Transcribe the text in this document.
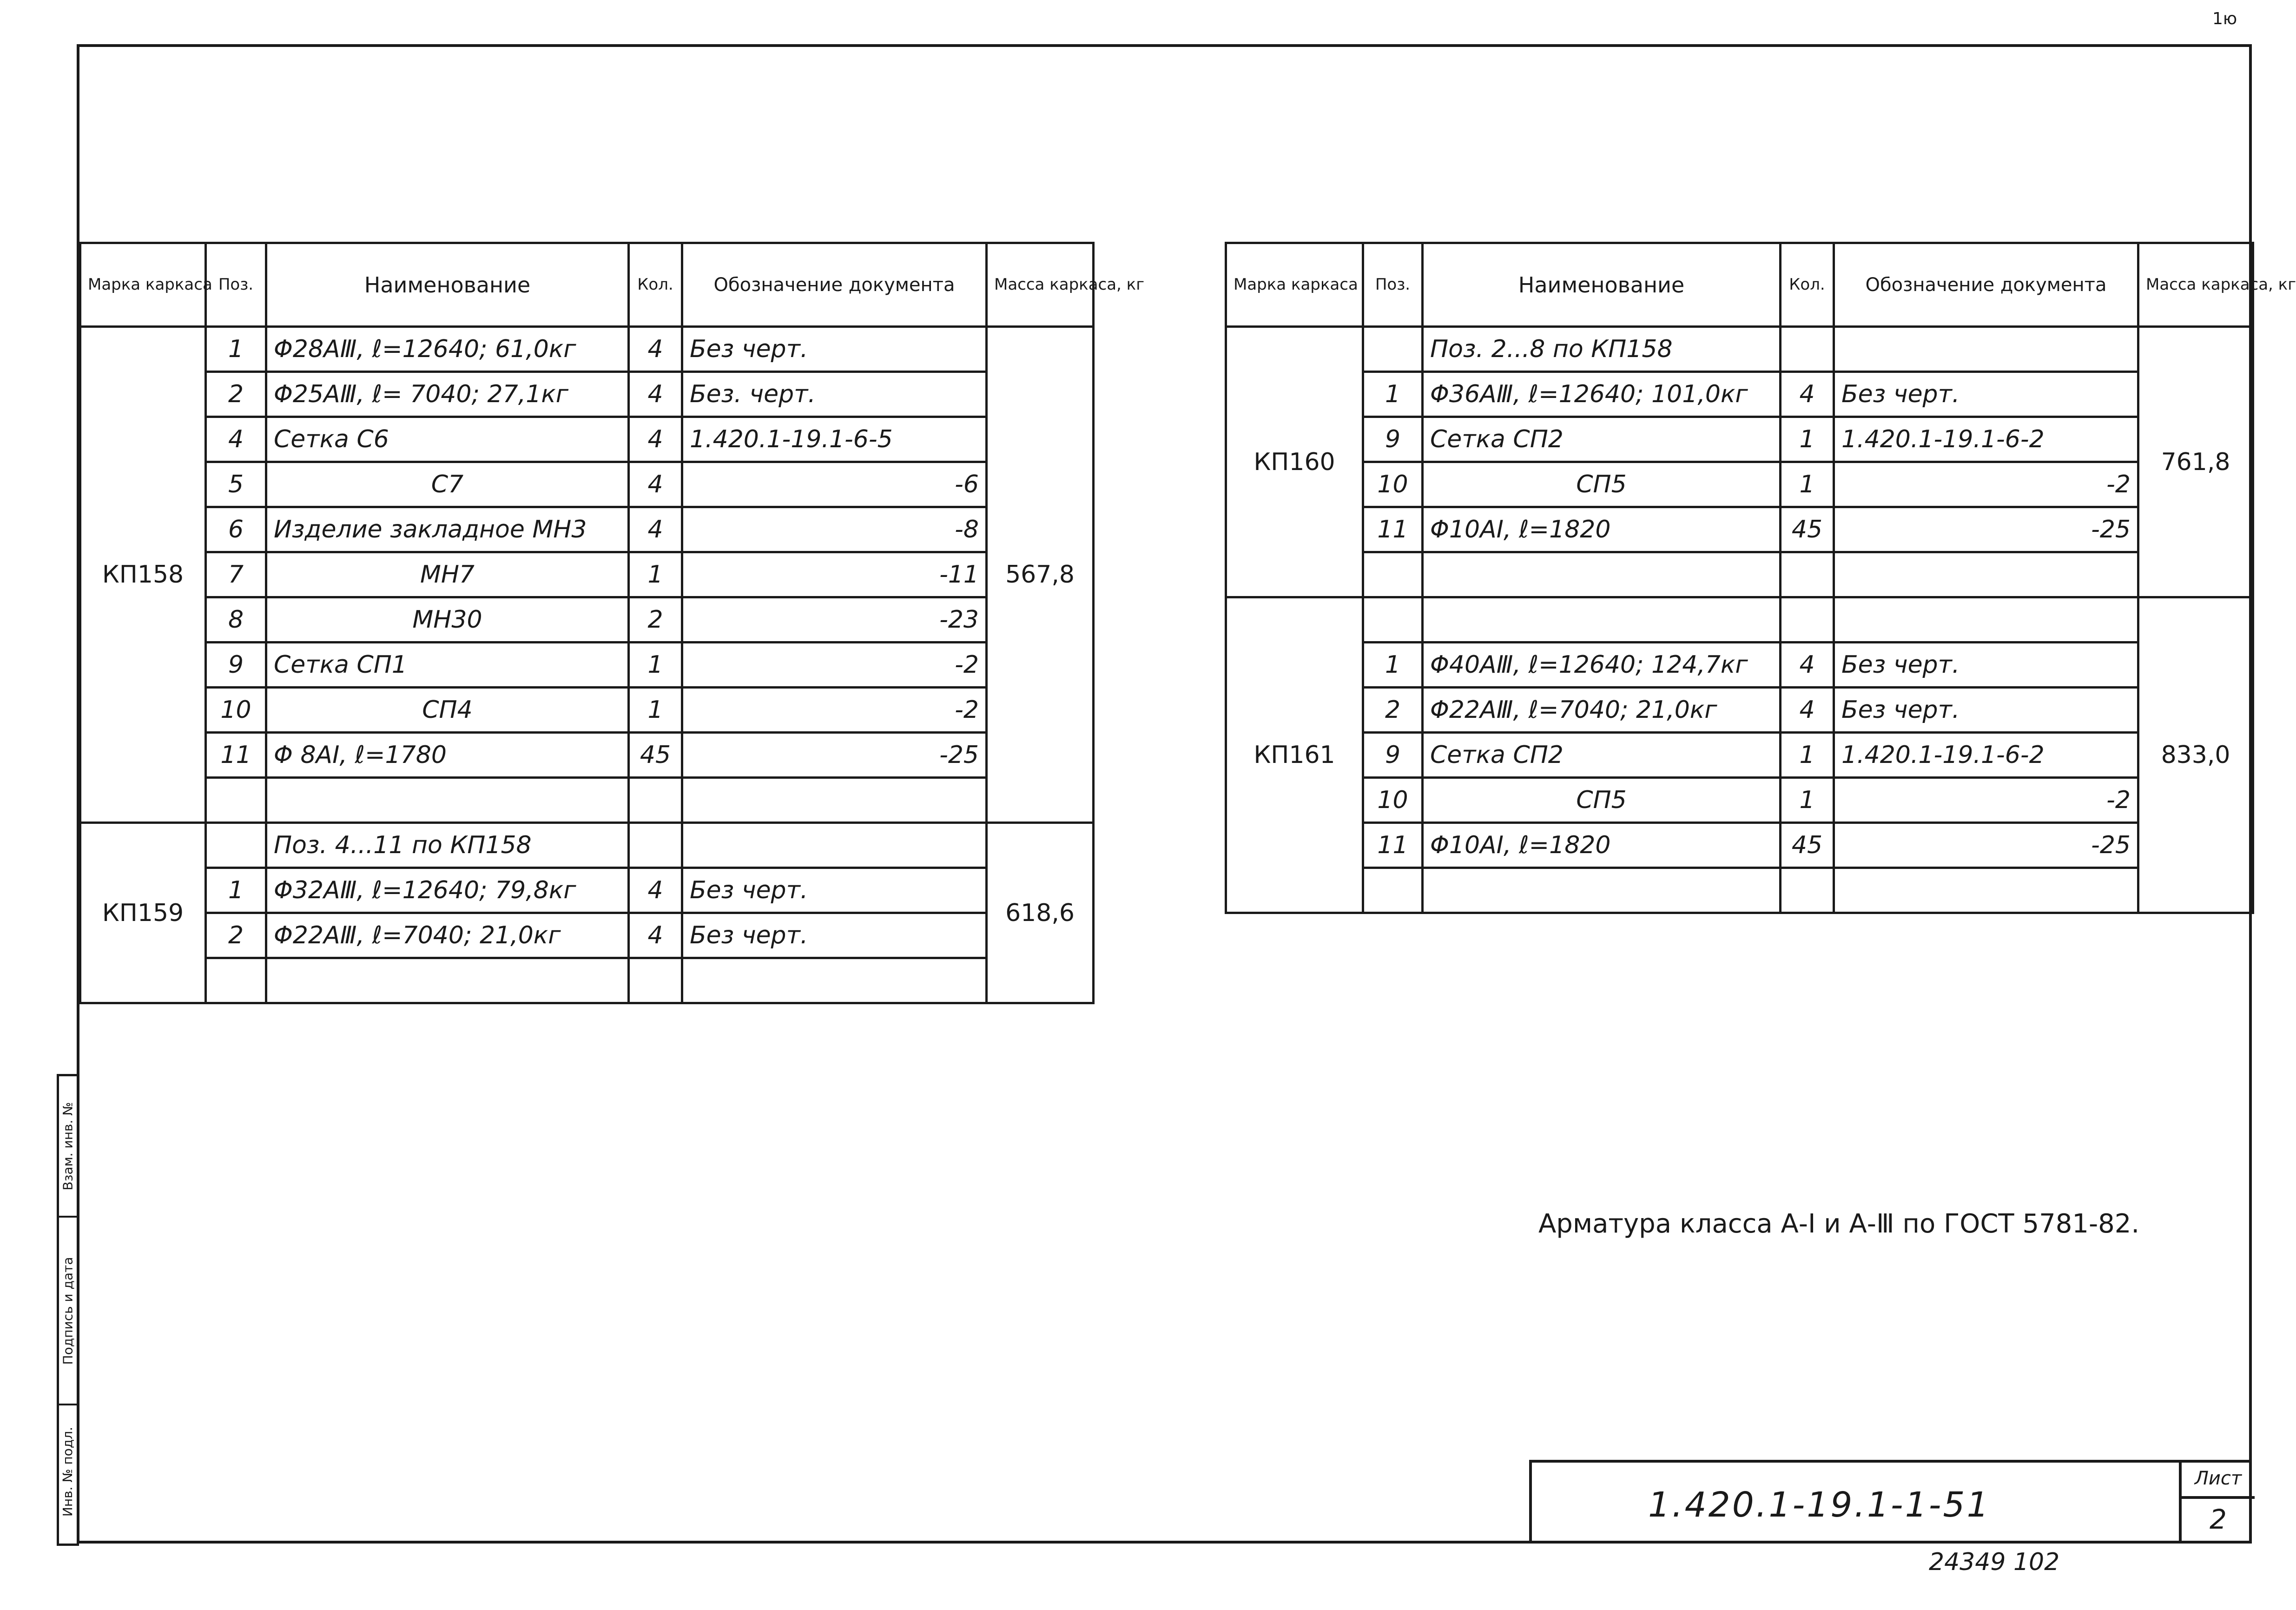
1ю
Инв. № подл.
Подпись и дата
Взам. инв. №
Марка каркаса	Поз.	Наименование	Кол.	Обозначение документа	Масса каркаса, кг
КП158	1	Φ28АⅢ, ℓ=12640; 61,0кг	4	Без черт.	567,8
	2	Φ25АⅢ, ℓ= 7040; 27,1кг	4	Без. черт.	
	4	Сетка С6	4	1.420.1-19.1-6-5	
	5	С7	4	-6	
	6	Изделие закладное МН3	4	-8	
	7	МН7	1	-11	
	8	МН30	2	-23	
	9	Сетка СП1	1	-2	
	10	СП4	1	-2	
	11	Φ 8АI, ℓ=1780	45	-25	

КП159		Поз. 4...11 по КП158			618,6
	1	Φ32АⅢ, ℓ=12640; 79,8кг	4	Без черт.	
	2	Φ22АⅢ, ℓ=7040; 21,0кг	4	Без черт.	

Марка каркаса	Поз.	Наименование	Кол.	Обозначение документа	Масса каркаса, кг
КП160		Поз. 2...8 по КП158			761,8
	1	Φ36АⅢ, ℓ=12640; 101,0кг	4	Без черт.	
	9	Сетка СП2	1	1.420.1-19.1-6-2	
	10	СП5	1	-2	
	11	Φ10АI, ℓ=1820	45	-25	

КП161					833,0
	1	Φ40АⅢ, ℓ=12640; 124,7кг	4	Без черт.	
	2	Φ22АⅢ, ℓ=7040; 21,0кг	4	Без черт.	
	9	Сетка СП2	1	1.420.1-19.1-6-2	
	10	СП5	1	-2	
	11	Φ10АI, ℓ=1820	45	-25	

Арматура класса А-I и А-Ⅲ по ГОСТ 5781-82.
1.420.1-19.1-1-51
Лист
2
24349 102
